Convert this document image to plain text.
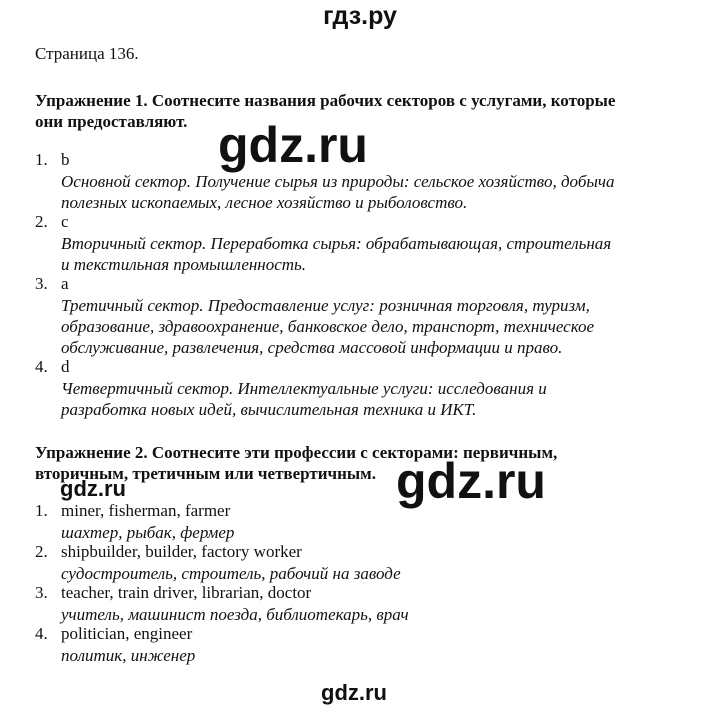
гдз.ру
Страница 136.
Упражнение 1. Соотнесите названия рабочих секторов с услугами, которые
они предоставляют.
1. b
Основной сектор. Получение сырья из природы: сельское хозяйство, добыча
полезных ископаемых, лесное хозяйство и рыболовство.
2. c
Вторичный сектор. Переработка сырья: обрабатывающая, строительная
и текстильная промышленность.
3. a
Третичный сектор. Предоставление услуг: розничная торговля, туризм,
образование, здравоохранение, банковское дело, транспорт, техническое
обслуживание, развлечения, средства массовой информации и право.
4. d
Четвертичный сектор. Интеллектуальные услуги: исследования и
разработка новых идей, вычислительная техника и ИКТ.
Упражнение 2. Соотнесите эти профессии с секторами: первичным,
вторичным, третичным или четвертичным.
1. miner, fisherman, farmer
шахтер, рыбак, фермер
2. shipbuilder, builder, factory worker
судостроитель, строитель, рабочий на заводе
3. teacher, train driver, librarian, doctor
учитель, машинист поезда, библиотекарь, врач
4. politician, engineer
политик, инженер
gdz.ru
gdz.ru
gdz.ru
gdz.ru
